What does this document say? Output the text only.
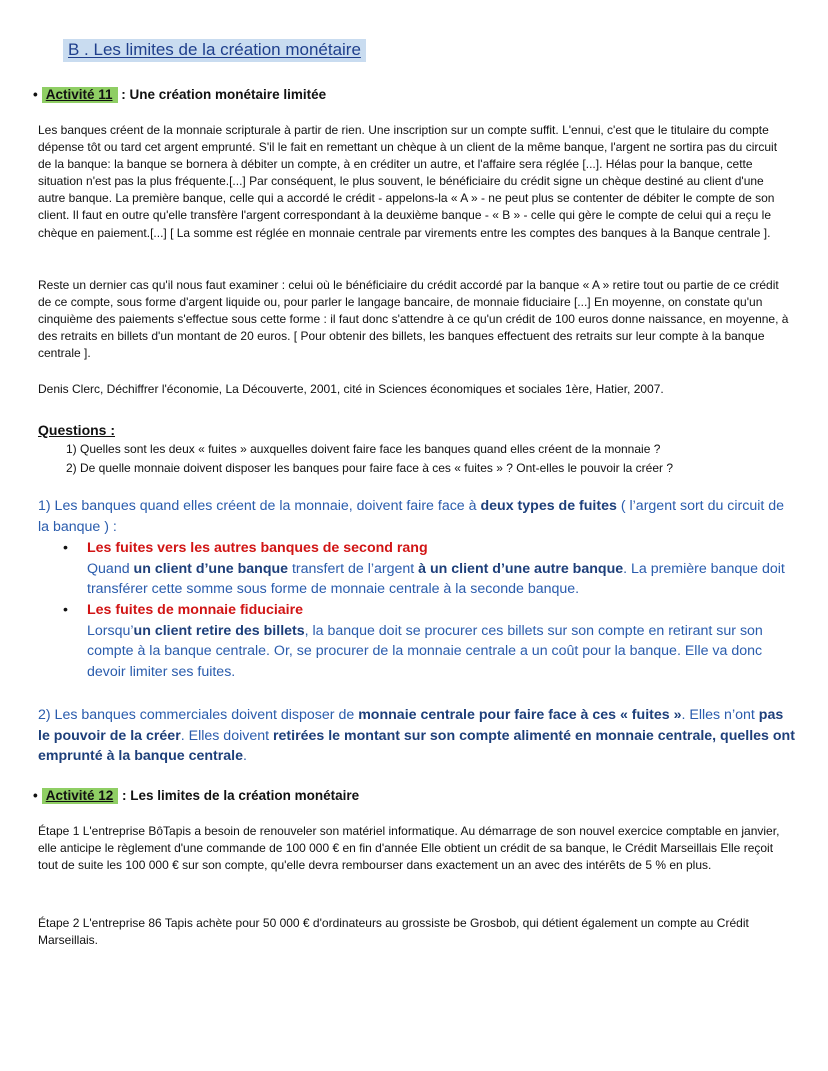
B . Les limites de la création monétaire
• Activité 11 : Une création monétaire limitée

Les banques créent de la monnaie scripturale à partir de rien. Une inscription sur un compte suffit. L'ennui, c'est que le titulaire du compte dépense tôt ou tard cet argent emprunté. S'il le fait en remettant un chèque à un client de la même banque, l'argent ne sortira pas du circuit de la banque: la banque se bornera à débiter un compte, à en créditer un autre, et l'affaire sera réglée [...]. Hélas pour la banque, cette situation n'est pas la plus fréquente.[...] Par conséquent, le plus souvent, le bénéficiaire du crédit signe un chèque destiné au client d'une autre banque. La première banque, celle qui a accordé le crédit - appelons-la « A » - ne peut plus se contenter de débiter le compte de son client. Il faut en outre qu'elle transfère l'argent correspondant à la deuxième banque - « B » - celle qui gère le compte de celui qui a reçu le chèque en paiement.[...] [ La somme est réglée en monnaie centrale par virements entre les comptes des banques à la Banque centrale ].

Reste un dernier cas qu'il nous faut examiner : celui où le bénéficiaire du crédit accordé par la banque « A » retire tout ou partie de ce crédit de ce compte, sous forme d'argent liquide ou, pour parler le langage bancaire, de monnaie fiduciaire [...] En moyenne, on constate qu'un cinquième des paiements s'effectue sous cette forme : il faut donc s'attendre à ce qu'un crédit de 100 euros donne naissance, en moyenne, à des retraits en billets d'un montant de 20 euros. [ Pour obtenir des billets, les banques effectuent des retraits sur leur compte à la banque centrale ].

Denis Clerc, Déchiffrer l'économie, La Découverte, 2001, cité in Sciences économiques et sociales 1ère, Hatier, 2007.

Questions :
1) Quelles sont les deux « fuites » auxquelles doivent faire face les banques quand elles créent de la monnaie ?
2) De quelle monnaie doivent disposer les banques pour faire face à ces « fuites » ? Ont-elles le pouvoir la créer ?

1) Les banques quand elles créent de la monnaie, doivent faire face à deux types de fuites ( l’argent sort du circuit de la banque ) :

• Les fuites vers les autres banques de second rang
Quand un client d’une banque transfert de l’argent à un client d’une autre banque. La première banque doit transférer cette somme sous forme de monnaie centrale à la seconde banque.
• Les fuites de monnaie fiduciaire
Lorsqu’un client retire des billets, la banque doit se procurer ces billets sur son compte en retirant sur son compte à la banque centrale. Or, se procurer de la monnaie centrale a un coût pour la banque. Elle va donc devoir limiter ses fuites.

2) Les banques commerciales doivent disposer de monnaie centrale pour faire face à ces « fuites ». Elles n’ont pas le pouvoir de la créer. Elles doivent retirées le montant sur son compte alimenté en monnaie centrale, quelles ont emprunté à la banque centrale.

• Activité 12 : Les limites de la création monétaire

Étape 1 L'entreprise BôTapis a besoin de renouveler son matériel informatique. Au démarrage de son nouvel exercice comptable en janvier, elle anticipe le règlement d'une commande de 100 000 € en fin d'année Elle obtient un crédit de sa banque, le Crédit Marseillais Elle reçoit tout de suite les 100 000 € sur son compte, qu'elle devra rembourser dans exactement un an avec des intérêts de 5 % en plus.

Étape 2 L'entreprise 86 Tapis achète pour 50 000 € d'ordinateurs au grossiste be Grosbob, qui détient également un compte au Crédit Marseillais.
